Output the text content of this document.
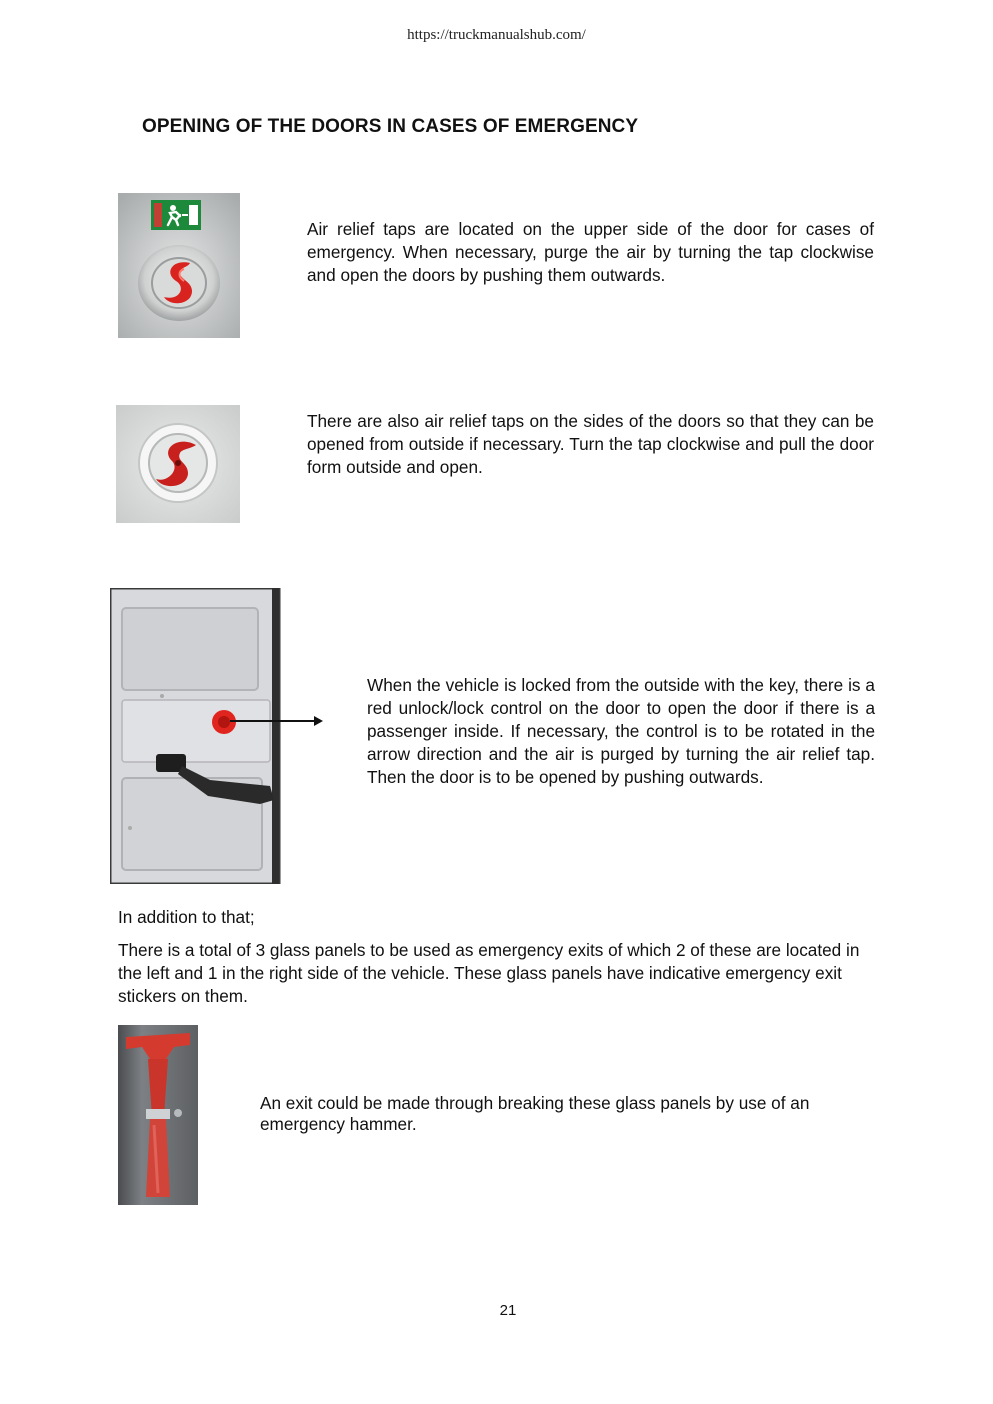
https://truckmanualshub.com/
OPENING OF THE DOORS IN CASES OF EMERGENCY
Air relief taps are located on the upper side of the door for cases of emergency. When necessary, purge the air by turning the tap clockwise and open the doors by pushing them outwards.
There are also air relief taps on the sides of the doors so that they can be opened from outside if necessary. Turn the tap clockwise and pull the door form outside and open.
When the vehicle is locked from the outside with the key, there is a red unlock/lock control on the door to open the door if there is a passenger inside. If necessary, the control is to be rotated in the arrow direction and the air is purged by turning the air relief tap. Then the door is to be opened by pushing outwards.
In addition to that;
There is a total of 3 glass panels to be used as emergency exits of which 2 of these are located in the left and 1 in the right side of the vehicle. These glass panels have indicative emergency exit stickers on them.
An exit could be made through breaking these glass panels by use of an emergency hammer.
21
